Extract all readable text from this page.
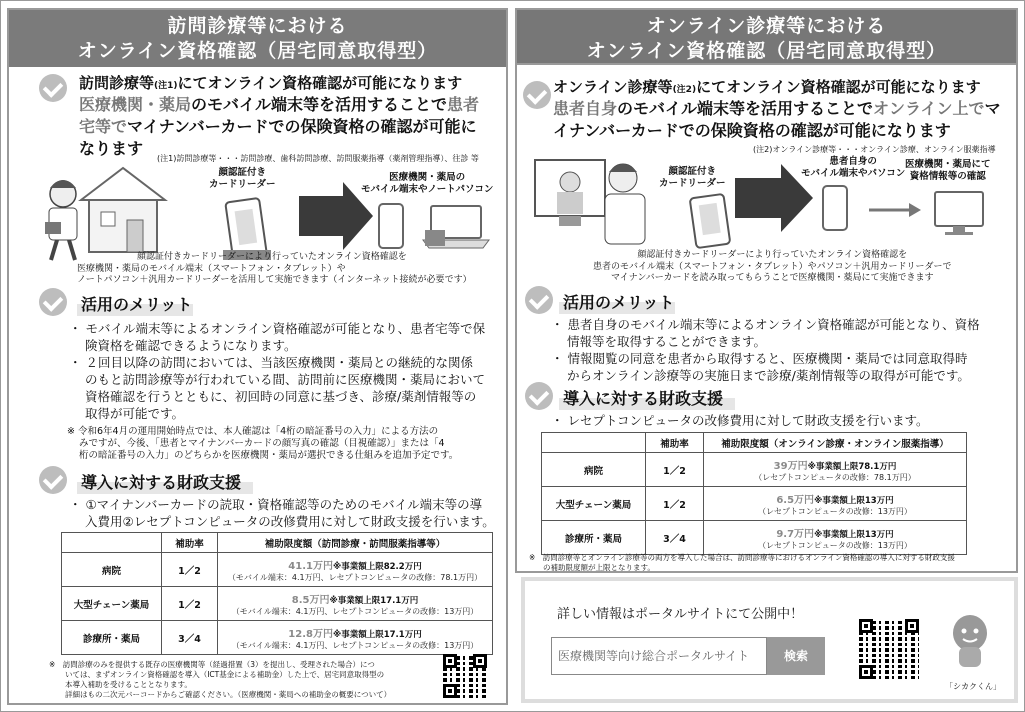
訪問診療等における
オンライン資格確認（居宅同意取得型）
訪問診療等(注1)にてオンライン資格確認が可能になります
医療機関・薬局のモバイル端末等を活用することで患者
宅等でマイナンバーカードでの保険資格の確認が可能に
なります
(注1)訪問診療等・・・訪問診療、歯科訪問診療、訪問服薬指導（薬剤管理指導）、往診 等
顔認証付き
カードリーダー
医療機関・薬局の
モバイル端末やノートパソコン
顔認証付きカードリーダーにより行っていたオンライン資格確認を
医療機関・薬局のモバイル端末（スマートフォン・タブレット）や
ノートパソコン＋汎用カードリーダーを活用して実施できます（インターネット接続が必要です）
活用のメリット
・ モバイル端末等によるオンライン資格確認が可能となり、患者宅等で保
険資格を確認できるようになります。
・ ２回目以降の訪問においては、当該医療機関・薬局との継続的な関係
のもと訪問診療等が行われている間、訪問前に医療機関・薬局において
資格確認を行うとともに、初回時の同意に基づき、診療/薬剤情報等の
取得が可能です。
※ 令和6年4月の運用開始時点では、本人確認は「4桁の暗証番号の入力」による方法の
みですが、今後、「患者とマイナンバーカードの顔写真の確認（目視確認）」または「4
桁の暗証番号の入力」のどちらかを医療機関・薬局が選択できる仕組みを追加予定です。
導入に対する財政支援
・ ①マイナンバーカードの読取・資格確認等のためのモバイル端末等の導
入費用②レセプトコンピュータの改修費用に対して財政支援を行います。
	補助率	補助限度額（訪問診療・訪問服薬指導等）
病院	1／2	41.1万円※事業額上限82.2万円
（モバイル端末：4.1万円、レセプトコンピュータの改修：78.1万円）
大型チェーン薬局	1／2	8.5万円※事業額上限17.1万円
（モバイル端末：4.1万円、レセプトコンピュータの改修：13万円）
診療所・薬局	3／4	12.8万円※事業額上限17.1万円
（モバイル端末：4.1万円、レセプトコンピュータの改修：13万円）
※　訪問診療のみを提供する既存の医療機関等（経過措置（3）を提出し、受理された場合）につ
いては、まずオンライン資格確認を導入（ICT基金による補助金）した上で、居宅同意取得型の
本導入補助を受けることとなります。
詳細はもの二次元バーコードからご確認ください。（医療機関・薬局への補助金の概要について）
オンライン診療等における
オンライン資格確認（居宅同意取得型）
オンライン診療等(注2)にてオンライン資格確認が可能になります
患者自身のモバイル端末等を活用することでオンライン上でマ
イナンバーカードでの保険資格の確認が可能になります
(注2)オンライン診療等・・・オンライン診療、オンライン服薬指導
顔認証付き
カードリーダー
患者自身の
モバイル端末やパソコン
医療機関・薬局にて
資格情報等の確認
顔認証付きカードリーダーにより行っていたオンライン資格確認を
患者のモバイル端末（スマートフォン・タブレット）やパソコン＋汎用カードリーダーで
マイナンバーカードを読み取ってもらうことで医療機関・薬局にて実施できます
活用のメリット
・ 患者自身のモバイル端末等によるオンライン資格確認が可能となり、資格
情報等を取得することができます。
・ 情報閲覧の同意を患者から取得すると、医療機関・薬局では同意取得時
からオンライン診療等の実施日まで診療/薬剤情報等の取得が可能です。
導入に対する財政支援
・ レセプトコンピュータの改修費用に対して財政支援を行います。
	補助率	補助限度額（オンライン診療・オンライン服薬指導）
病院	1／2	39万円※事業額上限78.1万円
（レセプトコンピュータの改修：78.1万円）
大型チェーン薬局	1／2	6.5万円※事業額上限13万円
（レセプトコンピュータの改修：13万円）
診療所・薬局	3／4	9.7万円※事業額上限13万円
（レセプトコンピュータの改修：13万円）
※　訪問診療等とオンライン診療等の両方を導入した場合は、訪問診療等におけるオンライン資格確認の導入に対する財政支援
の補助限度額が上限となります。
詳しい情報はポータルサイトにて公開中！
医療機関等向け総合ポータルサイト	検索
「シカクくん」
